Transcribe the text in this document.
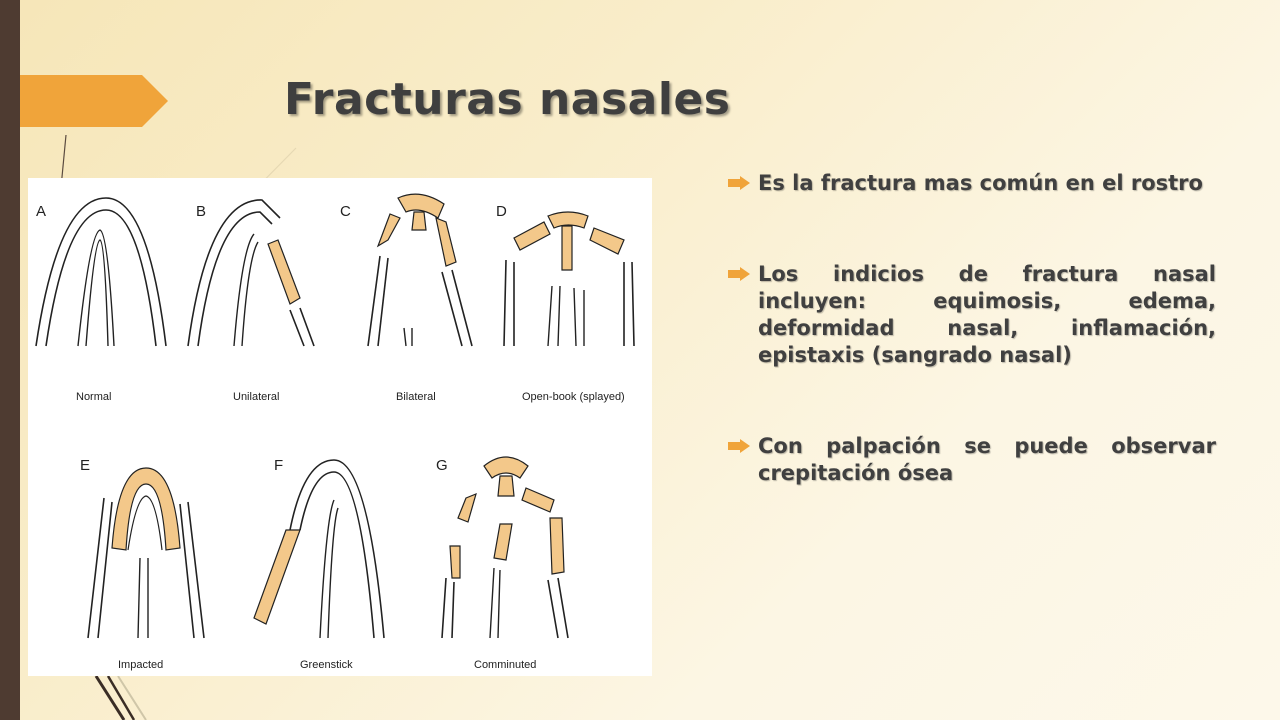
Fracturas nasales
A
Normal
B
Unilateral
C
Bilateral
D
Open-book (splayed)
E
Impacted
F
Greenstick
G
Comminuted
Es la fractura mas común en el rostro
Los indicios de fractura nasal incluyen: equimosis, edema, deformidad nasal, inflamación, epistaxis (sangrado nasal)
Con palpación se puede observar crepitación ósea
